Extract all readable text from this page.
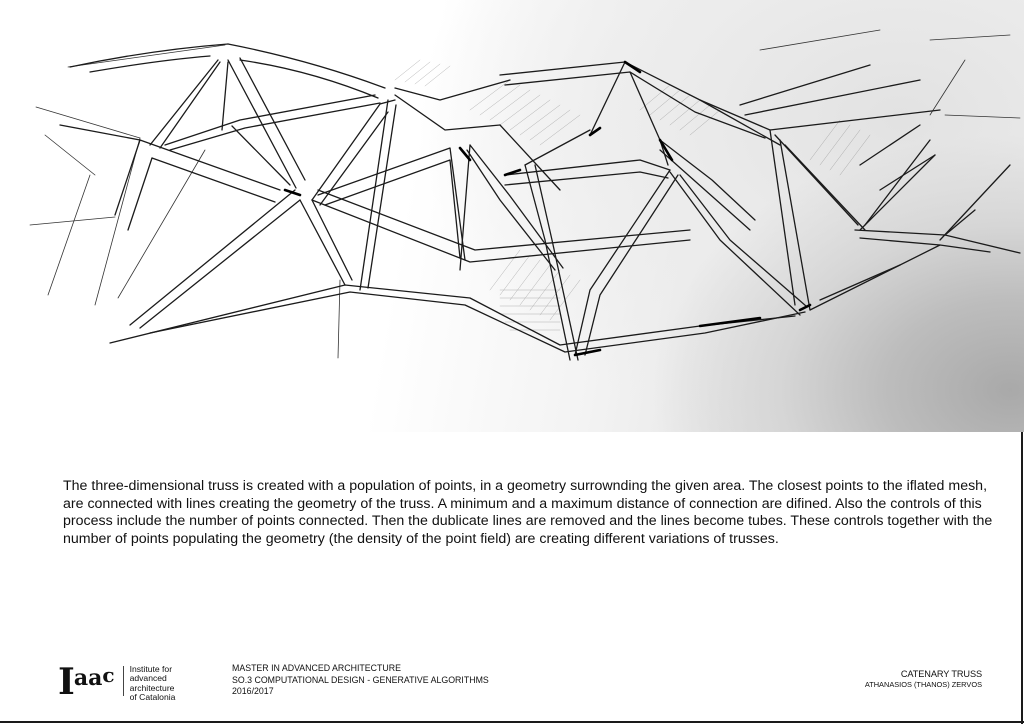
The three-dimensional truss is created with a population of points, in a geometry surrownding the given area. The closest points to the iflated mesh, are connected with lines creating the geometry of the truss. A minimum and a maximum distance of connection are difined. Also the controls of this process include the number of points connected. Then the dublicate lines are removed and the lines become tubes. These controls together with the number of points populating the geometry (the density of the point field) are creating different variations of trusses.

I a a c Institute for
advanced
architecture
of Catalonia
MASTER IN ADVANCED ARCHITECTURE
SO.3 COMPUTATIONAL DESIGN - GENERATIVE ALGORITHMS
2016/2017
CATENARY TRUSS
ATHANASIOS (THANOS) ZERVOS
